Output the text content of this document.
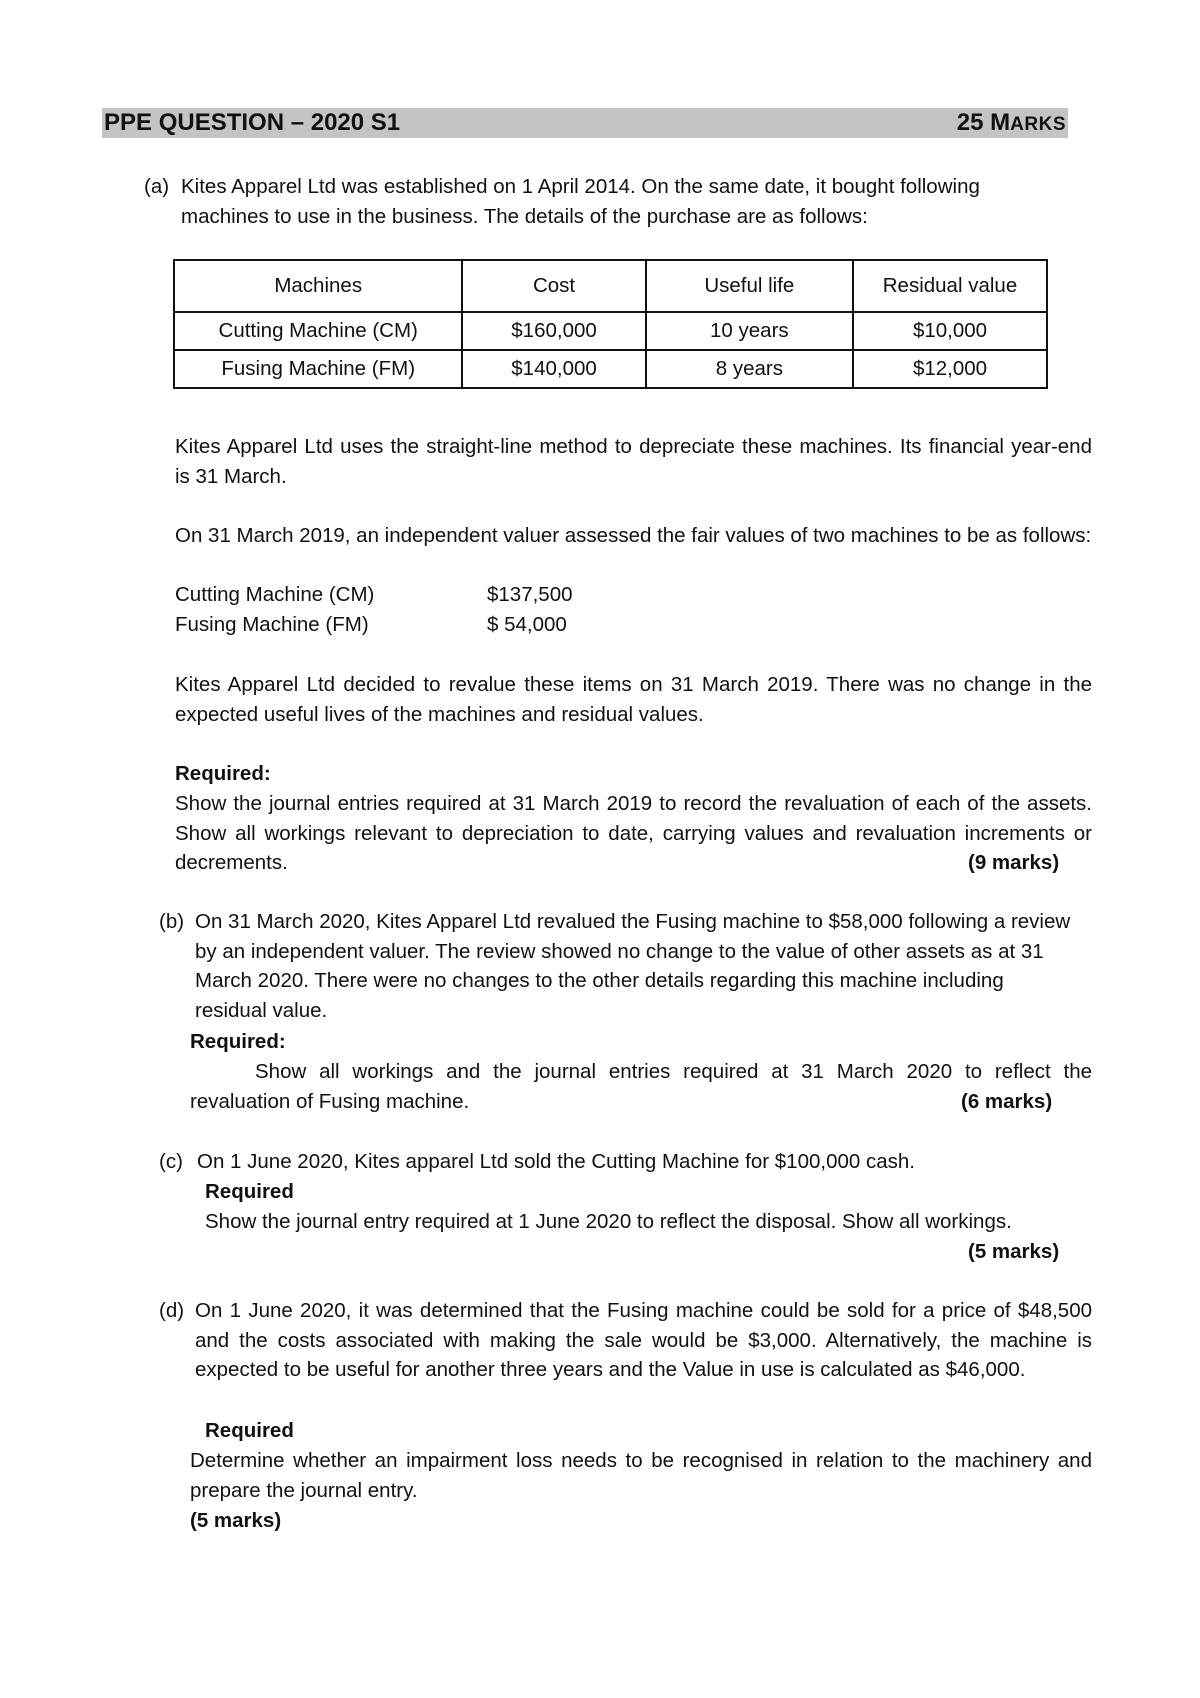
PPE QUESTION – 2020 S1	25 MARKS
(a) Kites Apparel Ltd was established on 1 April 2014. On the same date, it bought following machines to use in the business. The details of the purchase are as follows:

Machines	Cost	Useful life	Residual value
Cutting Machine (CM)	$160,000	10 years	$10,000
Fusing Machine (FM)	$140,000	8 years	$12,000

Kites Apparel Ltd uses the straight-line method to depreciate these machines. Its financial year-end is 31 March.

On 31 March 2019, an independent valuer assessed the fair values of two machines to be as follows:

Cutting Machine (CM)	$137,500
Fusing Machine (FM)	$ 54,000

Kites Apparel Ltd decided to revalue these items on 31 March 2019. There was no change in the expected useful lives of the machines and residual values.

Required:

Show the journal entries required at 31 March 2019 to record the revaluation of each of the assets. Show all workings relevant to depreciation to date, carrying values and revaluation increments or decrements.	(9 marks)
(b) On 31 March 2020, Kites Apparel Ltd revalued the Fusing machine to $58,000 following a review by an independent valuer. The review showed no change to the value of other assets as at 31 March 2020. There were no changes to the other details regarding this machine including residual value.

Required:

Show all workings and the journal entries required at 31 March 2020 to reflect the revaluation of Fusing machine.	(6 marks)
(c) On 1 June 2020, Kites apparel Ltd sold the Cutting Machine for $100,000 cash.

Required

Show the journal entry required at 1 June 2020 to reflect the disposal. Show all workings.

(5 marks)
(d) On 1 June 2020, it was determined that the Fusing machine could be sold for a price of $48,500 and the costs associated with making the sale would be $3,000. Alternatively, the machine is expected to be useful for another three years and the Value in use is calculated as $46,000.

Required

Determine whether an impairment loss needs to be recognised in relation to the machinery and prepare the journal entry.

(5 marks)
